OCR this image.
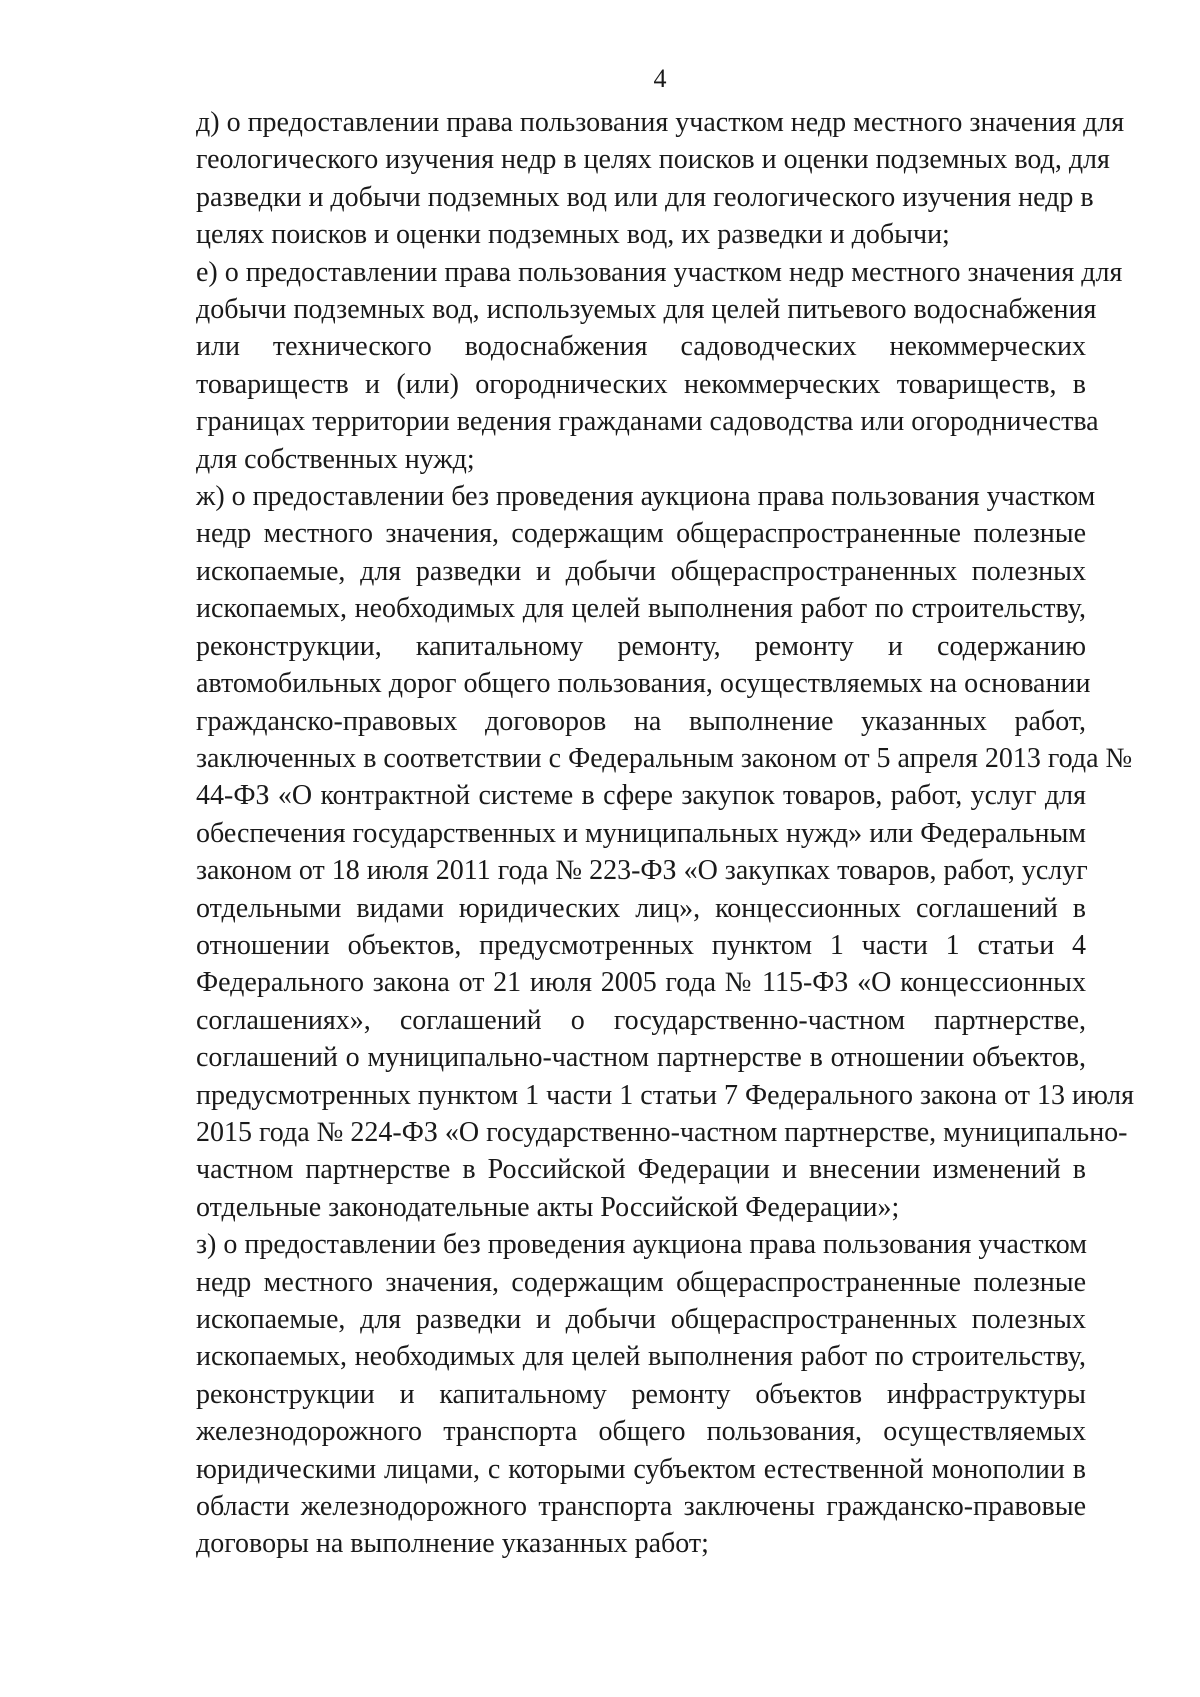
4
д) о предоставлении права пользования участком недр местного значения для
геологического изучения недр в целях поисков и оценки подземных вод, для
разведки и добычи подземных вод или для геологического изучения недр в
целях поисков и оценки подземных вод, их разведки и добычи;
е) о предоставлении права пользования участком недр местного значения для
добычи подземных вод, используемых для целей питьевого водоснабжения
или технического водоснабжения садоводческих некоммерческих
товариществ и (или) огороднических некоммерческих товариществ, в
границах территории ведения гражданами садоводства или огородничества
для собственных нужд;
ж) о предоставлении без проведения аукциона права пользования участком
недр местного значения, содержащим общераспространенные полезные
ископаемые, для разведки и добычи общераспространенных полезных
ископаемых, необходимых для целей выполнения работ по строительству,
реконструкции, капитальному ремонту, ремонту и содержанию
автомобильных дорог общего пользования, осуществляемых на основании
гражданско-правовых договоров на выполнение указанных работ,
заключенных в соответствии с Федеральным законом от 5 апреля 2013 года №
44-ФЗ «О контрактной системе в сфере закупок товаров, работ, услуг для
обеспечения государственных и муниципальных нужд» или Федеральным
законом от 18 июля 2011 года № 223-ФЗ «О закупках товаров, работ, услуг
отдельными видами юридических лиц», концессионных соглашений в
отношении объектов, предусмотренных пунктом 1 части 1 статьи 4
Федерального закона от 21 июля 2005 года № 115-ФЗ «О концессионных
соглашениях», соглашений о государственно-частном партнерстве,
соглашений о муниципально-частном партнерстве в отношении объектов,
предусмотренных пунктом 1 части 1 статьи 7 Федерального закона от 13 июля
2015 года № 224-ФЗ «О государственно-частном партнерстве, муниципально-
частном партнерстве в Российской Федерации и внесении изменений в
отдельные законодательные акты Российской Федерации»;
з) о предоставлении без проведения аукциона права пользования участком
недр местного значения, содержащим общераспространенные полезные
ископаемые, для разведки и добычи общераспространенных полезных
ископаемых, необходимых для целей выполнения работ по строительству,
реконструкции и капитальному ремонту объектов инфраструктуры
железнодорожного транспорта общего пользования, осуществляемых
юридическими лицами, с которыми субъектом естественной монополии в
области железнодорожного транспорта заключены гражданско-правовые
договоры на выполнение указанных работ;
